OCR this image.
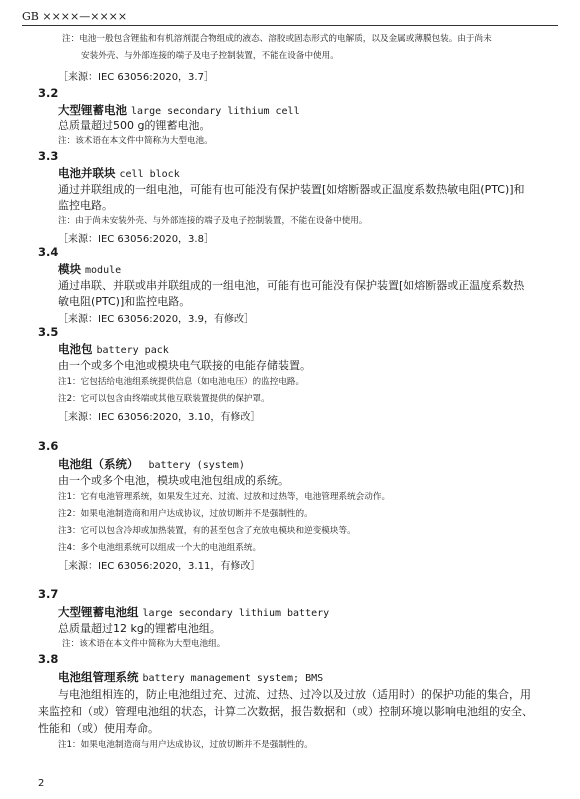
GB ××××—××××
注：电池一般包含锂盐和有机溶剂混合物组成的液态、溶胶或固态形式的电解质，以及金属或薄膜包装。由于尚未
安装外壳、与外部连接的端子及电子控制装置，不能在设备中使用。
［来源：IEC 63056:2020，3.7］
3.2
大型锂蓄电池 large secondary lithium cell
总质量超过500 g的锂蓄电池。
注：该术语在本文件中简称为大型电池。
3.3
电池并联块 cell block
通过并联组成的一组电池，可能有也可能没有保护装置[如熔断器或正温度系数热敏电阻(PTC)]和
监控电路。
注：由于尚未安装外壳、与外部连接的端子及电子控制装置，不能在设备中使用。
［来源：IEC 63056:2020，3.8］
3.4
模块 module
通过串联、并联或串并联组成的一组电池，可能有也可能没有保护装置[如熔断器或正温度系数热
敏电阻(PTC)]和监控电路。
［来源：IEC 63056:2020，3.9，有修改］
3.5
电池包 battery pack
由一个或多个电池或模块电气联接的电能存储装置。
注1：它包括给电池组系统提供信息（如电池电压）的监控电路。
注2：它可以包含由终端或其他互联装置提供的保护罩。
［来源：IEC 63056:2020，3.10，有修改］
3.6
电池组（系统） battery (system)
由一个或多个电池，模块或电池包组成的系统。
注1：它有电池管理系统，如果发生过充、过流、过放和过热等，电池管理系统会动作。
注2：如果电池制造商和用户达成协议，过放切断并不是强制性的。
注3：它可以包含冷却或加热装置，有的甚至包含了充放电模块和逆变模块等。
注4：多个电池组系统可以组成一个大的电池组系统。
［来源：IEC 63056:2020，3.11，有修改］
3.7
大型锂蓄电池组 large secondary lithium battery
总质量超过12 kg的锂蓄电池组。
注：该术语在本文件中简称为大型电池组。
3.8
电池组管理系统 battery management system; BMS
与电池组相连的，防止电池组过充、过流、过热、过冷以及过放（适用时）的保护功能的集合，用
来监控和（或）管理电池组的状态，计算二次数据，报告数据和（或）控制环境以影响电池组的安全、
性能和（或）使用寿命。
注1：如果电池制造商与用户达成协议，过放切断并不是强制性的。
2
